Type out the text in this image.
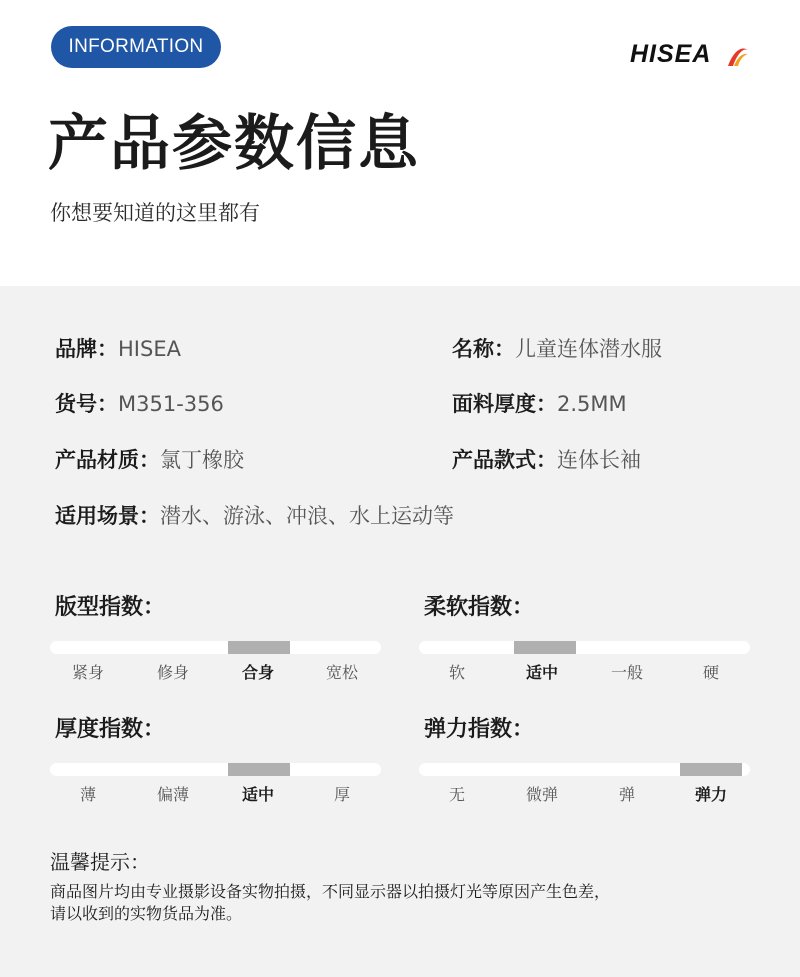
INFORMATION	HISEA
产品参数信息
你想要知道的这里都有
品牌：HISEA	名称：儿童连体潜水服
货号：M351-356	面料厚度：2.5MM
产品材质：氯丁橡胶	产品款式：连体长袖
适用场景：潜水、游泳、冲浪、水上运动等
版型指数：
紧身	修身	合身	宽松
柔软指数：
软	适中	一般	硬
厚度指数：
薄	偏薄	适中	厚
弹力指数：
无	微弹	弹	弹力
温馨提示：
商品图片均由专业摄影设备实物拍摄，不同显示器以拍摄灯光等原因产生色差，
请以收到的实物货品为准。
